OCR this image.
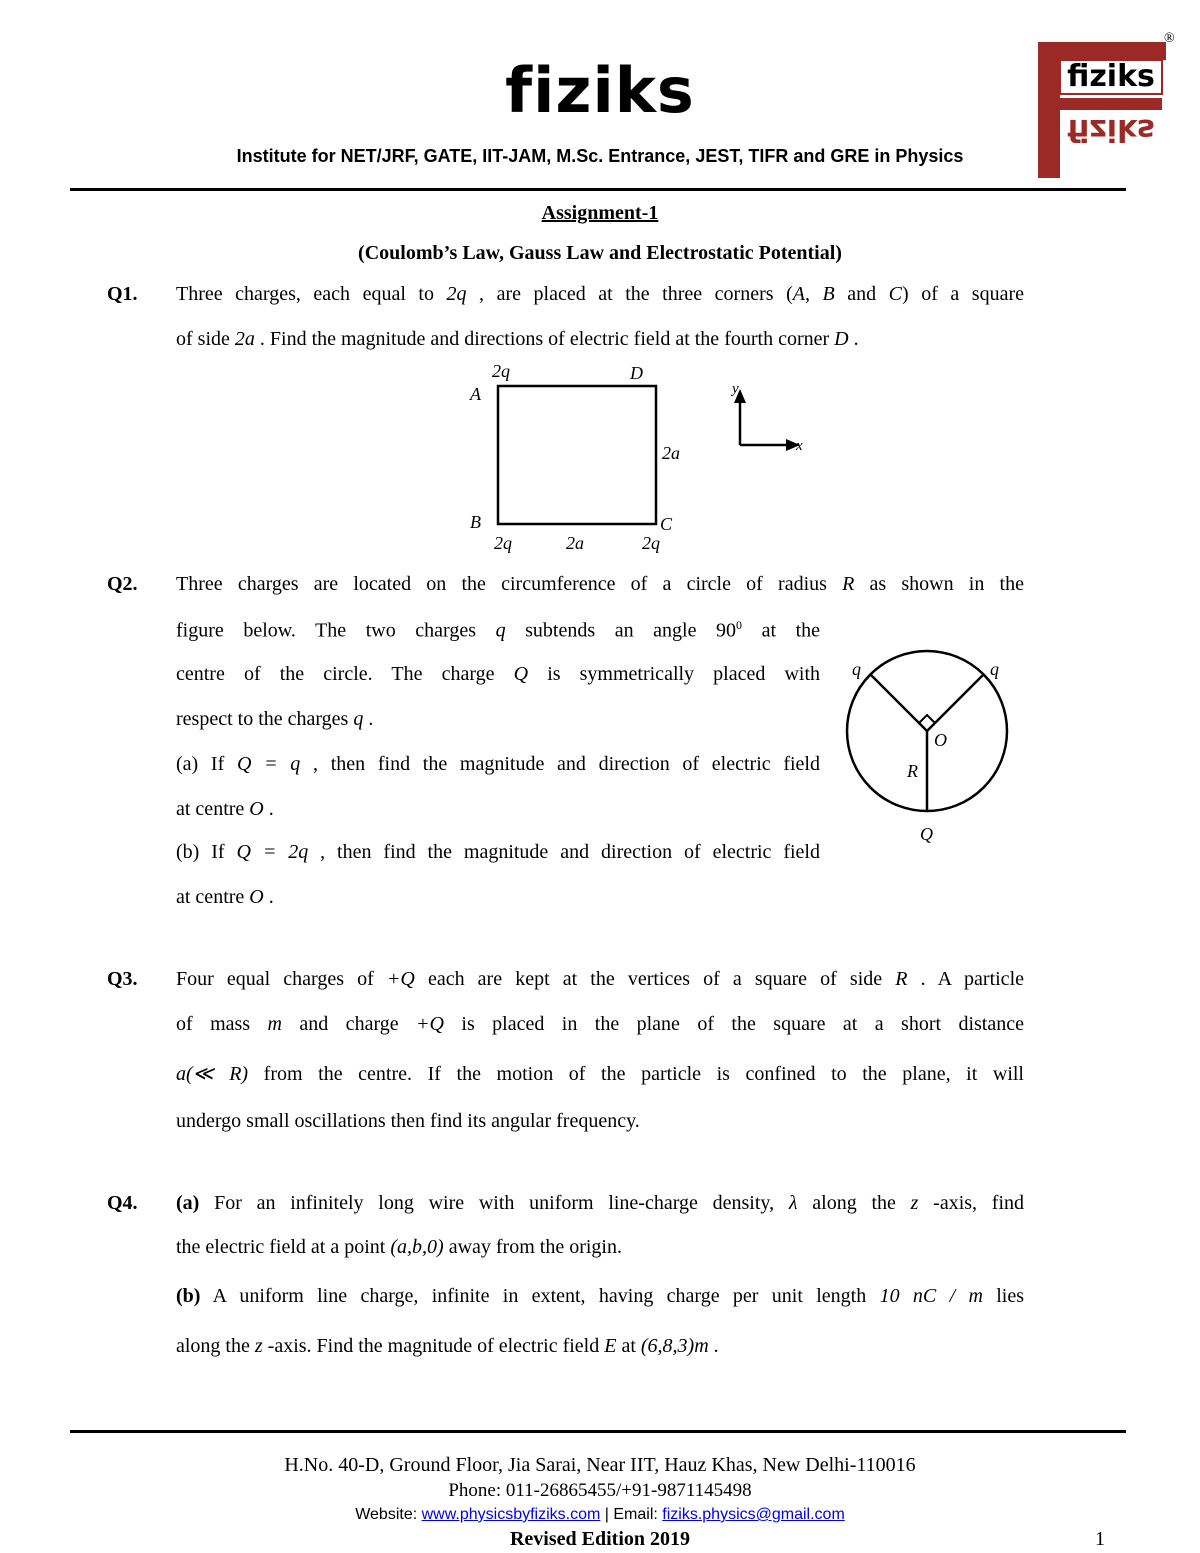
fiziks
Institute for NET/JRF, GATE, IIT-JAM, M.Sc. Entrance, JEST, TIFR and GRE in Physics
fiziks
fiziks
®
Assignment-1
(Coulomb’s Law, Gauss Law and Electrostatic Potential)
Q1. Three charges, each equal to 2q , are placed at the three corners (A, B and C) of a square
of side 2a . Find the magnitude and directions of electric field at the fourth corner D .
A
B	C
D
2q
2q	2q
2a
2a
y
x
Q2. Three charges are located on the circumference of a circle of radius R as shown in the
figure below. The two charges q subtends an angle $90^0$ at the
centre of the circle. The charge Q is symmetrically placed with
respect to the charges q .
(a) If Q = q , then find the magnitude and direction of electric field
at centre O .
(b) If Q = 2q , then find the magnitude and direction of electric field
at centre O .
q	q
O
R
Q
Q3. Four equal charges of +Q each are kept at the vertices of a square of side R . A particle
of mass m and charge +Q is placed in the plane of the square at a short distance
a(≪ R) from the centre. If the motion of the particle is confined to the plane, it will
undergo small oscillations then find its angular frequency.
Q4. (a) For an infinitely long wire with uniform line-charge density, λ along the z -axis, find
the electric field at a point (a,b,0) away from the origin.
(b) A uniform line charge, infinite in extent, having charge per unit length 10 nC / m lies
along the z -axis. Find the magnitude of electric field E at (6,8,3)m .
H.No. 40-D, Ground Floor, Jia Sarai, Near IIT, Hauz Khas, New Delhi-110016
Phone: 011-26865455/+91-9871145498
Website: www.physicsbyfiziks.com | Email: fiziks.physics@gmail.com
Revised Edition 2019	1
